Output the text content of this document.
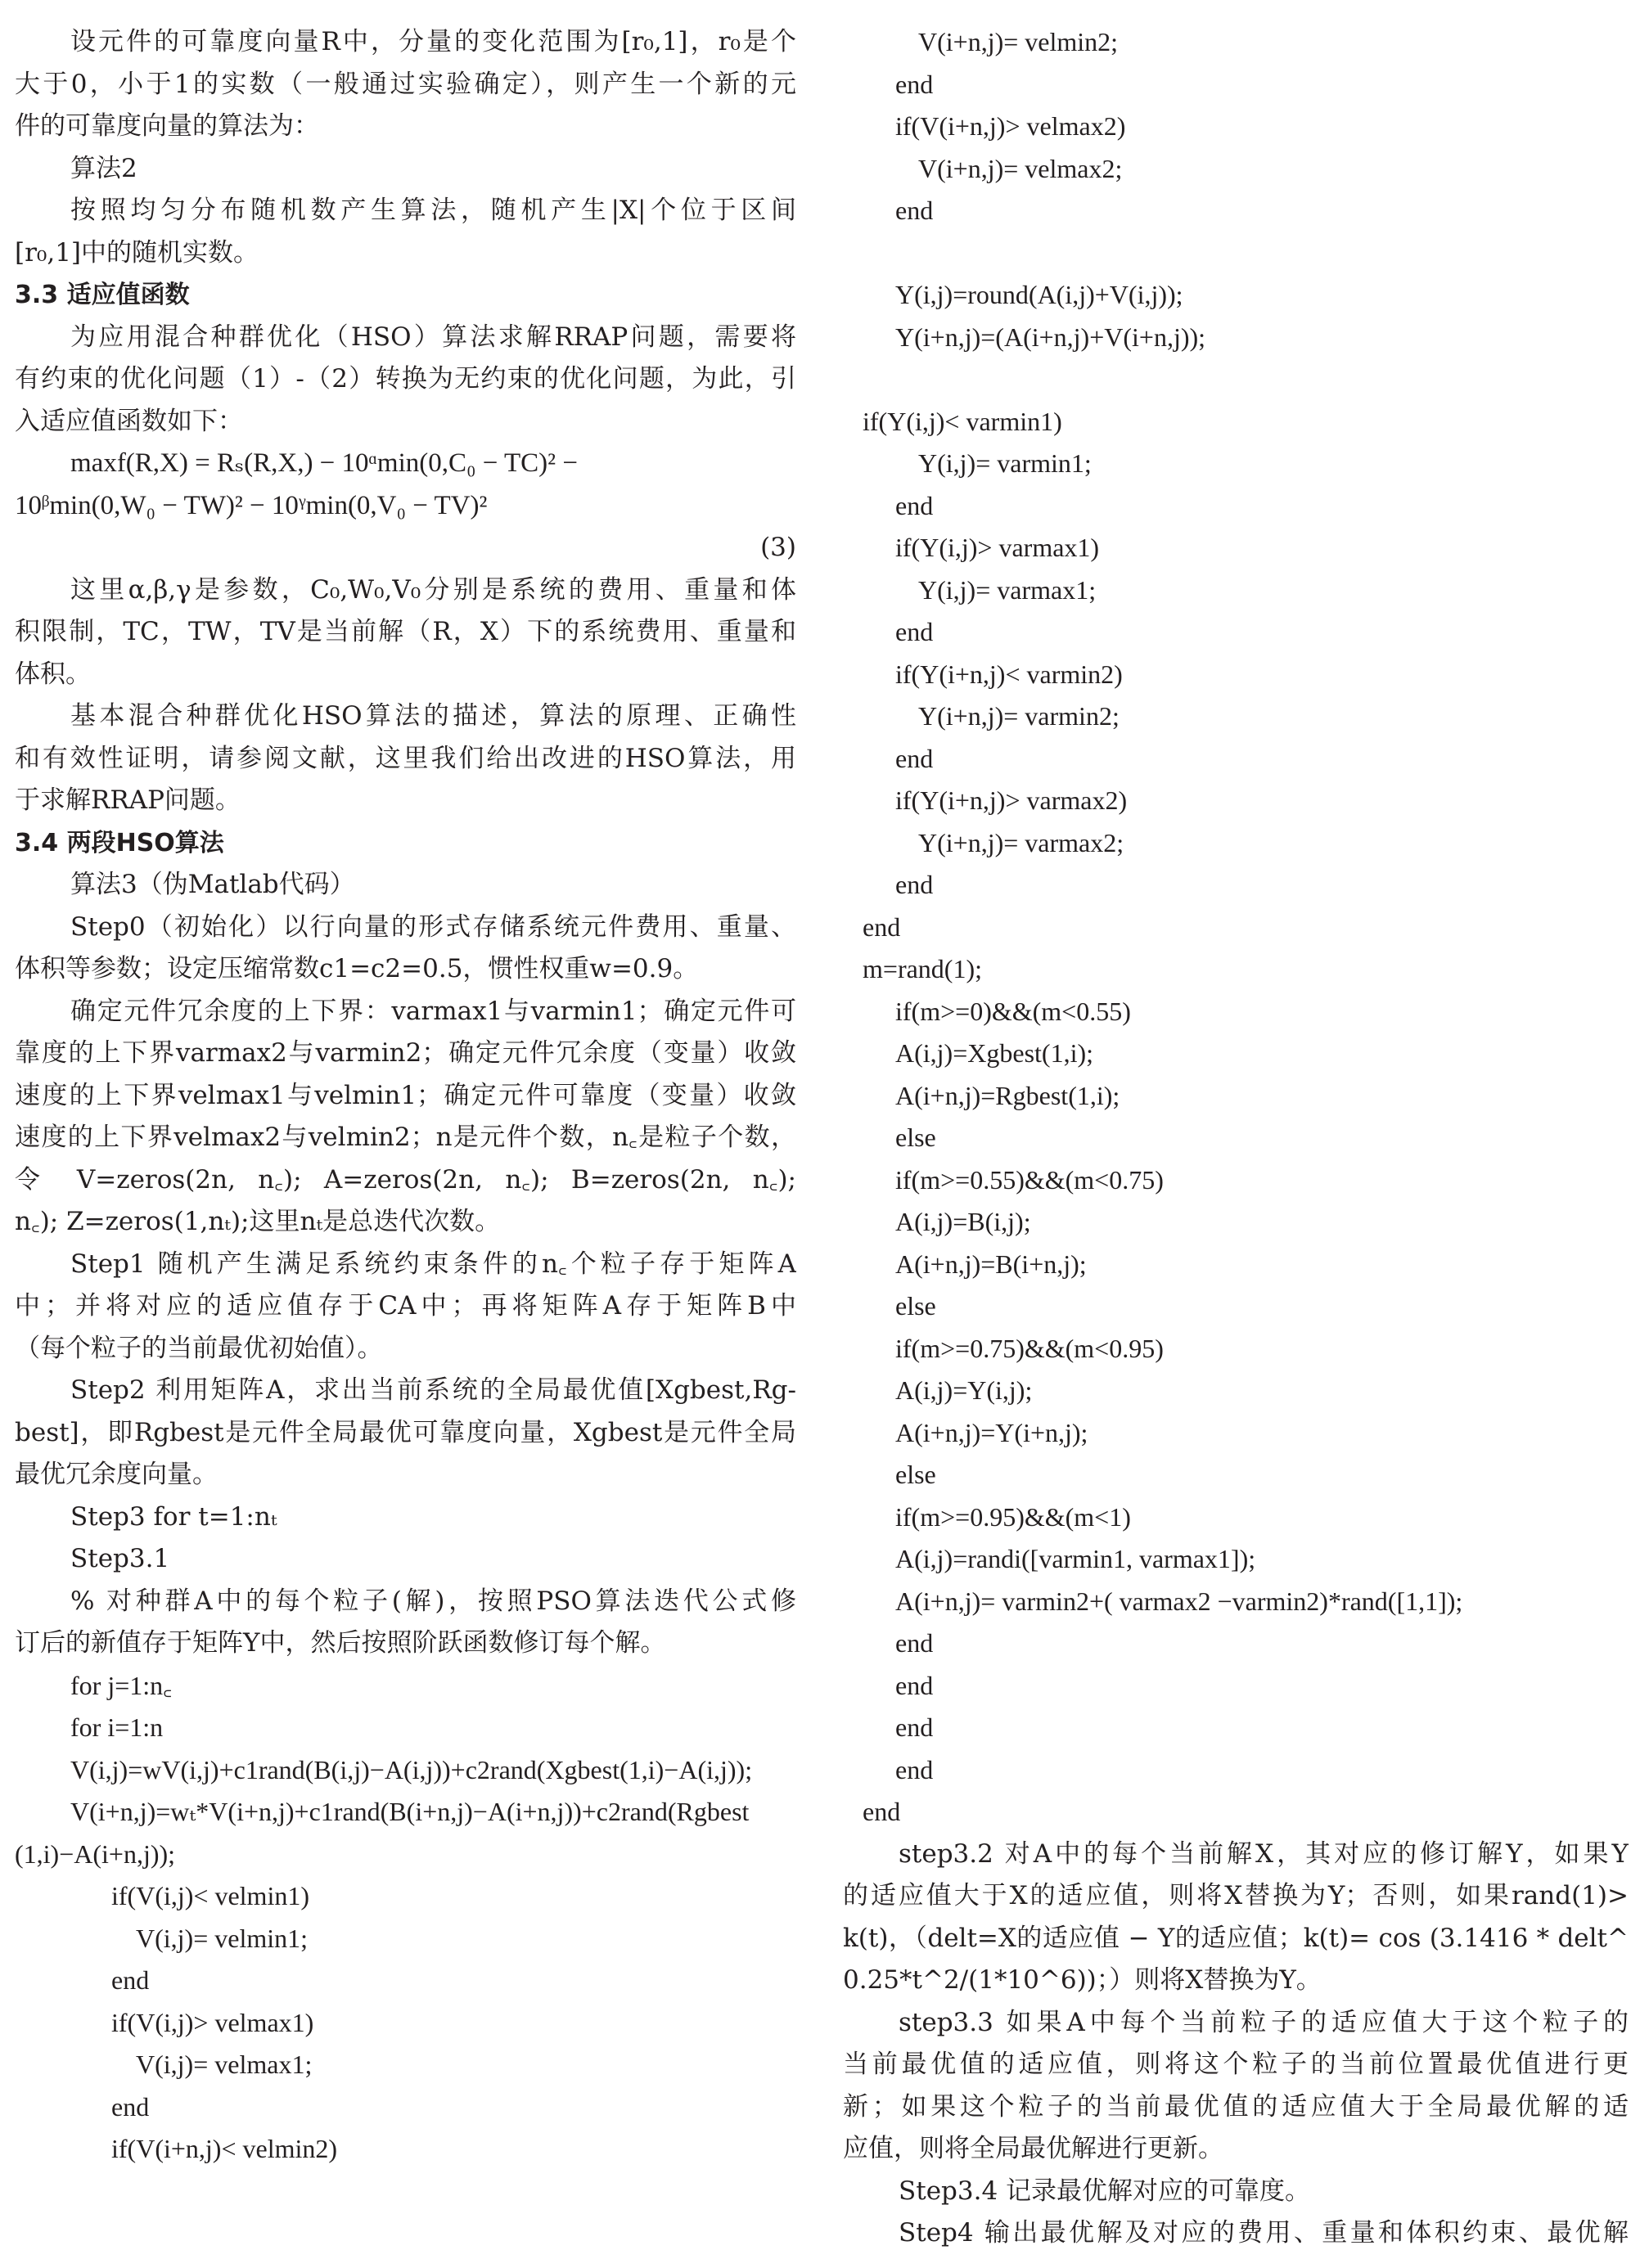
设元件的可靠度向量R中，分量的变化范围为[r₀,1]，r₀是个
大于0，小于1的实数（一般通过实验确定），则产生一个新的元
件的可靠度向量的算法为：
算法2
按照均匀分布随机数产生算法，随机产生|X|个位于区间
[r₀,1]中的随机实数。
3.3 适应值函数
为应用混合种群优化（HSO）算法求解RRAP问题，需要将
有约束的优化问题（1）-（2）转换为无约束的优化问题，为此，引
入适应值函数如下：
maxf(R,X) = Rₛ(R,X,) − 10ᵅmin(0,C₀ − TC)² −
10ᵝmin(0,W₀ − TW)² − 10ᵞmin(0,V₀ − TV)²
(3)
这里α,β,γ是参数，C₀,W₀,V₀分别是系统的费用、重量和体
积限制，TC，TW，TV是当前解（R，X）下的系统费用、重量和
体积。
基本混合种群优化HSO算法的描述，算法的原理、正确性
和有效性证明，请参阅文献，这里我们给出改进的HSO算法，用
于求解RRAP问题。
3.4 两段HSO算法
算法3（伪Matlab代码）
Step0（初始化）以行向量的形式存储系统元件费用、重量、
体积等参数；设定压缩常数c1=c2=0.5，惯性权重w=0.9。
确定元件冗余度的上下界：varmax1与varmin1；确定元件可
靠度的上下界varmax2与varmin2；确定元件冗余度（变量）收敛
速度的上下界velmax1与velmin1；确定元件可靠度（变量）收敛
速度的上下界velmax2与velmin2；n是元件个数，n꜀是粒子个数，
令 V=zeros(2n, n꜀); A=zeros(2n, n꜀); B=zeros(2n, n꜀);
n꜀); Z=zeros(1,nₜ);这里nₜ是总迭代次数。
Step1 随机产生满足系统约束条件的n꜀个粒子存于矩阵A
中；并将对应的适应值存于CA中；再将矩阵A存于矩阵B中
（每个粒子的当前最优初始值）。
Step2 利用矩阵A，求出当前系统的全局最优值[Xgbest,Rg-
best]，即Rgbest是元件全局最优可靠度向量，Xgbest是元件全局
最优冗余度向量。
Step3 for t=1:nₜ
Step3.1
% 对种群A中的每个粒子(解)，按照PSO算法迭代公式修
订后的新值存于矩阵Y中，然后按照阶跃函数修订每个解。
for j=1:n꜀
for i=1:n
V(i,j)=wV(i,j)+c1rand(B(i,j)−A(i,j))+c2rand(Xgbest(1,i)−A(i,j));
V(i+n,j)=wₜ*V(i+n,j)+c1rand(B(i+n,j)−A(i+n,j))+c2rand(Rgbest
(1,i)−A(i+n,j));
if(V(i,j)< velmin1)
V(i,j)= velmin1;
end
if(V(i,j)> velmax1)
V(i,j)= velmax1;
end
if(V(i+n,j)< velmin2)
V(i+n,j)= velmin2;
end
if(V(i+n,j)> velmax2)
V(i+n,j)= velmax2;
end

Y(i,j)=round(A(i,j)+V(i,j));
Y(i+n,j)=(A(i+n,j)+V(i+n,j));

if(Y(i,j)< varmin1)
Y(i,j)= varmin1;
end
if(Y(i,j)> varmax1)
Y(i,j)= varmax1;
end
if(Y(i+n,j)< varmin2)
Y(i+n,j)= varmin2;
end
if(Y(i+n,j)> varmax2)
Y(i+n,j)= varmax2;
end
end
m=rand(1);
if(m>=0)&&(m<0.55)
A(i,j)=Xgbest(1,i);
A(i+n,j)=Rgbest(1,i);
else
if(m>=0.55)&&(m<0.75)
A(i,j)=B(i,j);
A(i+n,j)=B(i+n,j);
else
if(m>=0.75)&&(m<0.95)
A(i,j)=Y(i,j);
A(i+n,j)=Y(i+n,j);
else
if(m>=0.95)&&(m<1)
A(i,j)=randi([varmin1, varmax1]);
A(i+n,j)= varmin2+( varmax2 −varmin2)*rand([1,1]);
end
end
end
end
end
step3.2 对A中的每个当前解X，其对应的修订解Y，如果Y
的适应值大于X的适应值，则将X替换为Y；否则，如果rand(1)>
k(t)，（delt=X的适应值 − Y的适应值；k(t)= cos (3.1416 * delt^
0.25*t^2/(1*10^6))；）则将X替换为Y。
step3.3 如果A中每个当前粒子的适应值大于这个粒子的
当前最优值的适应值，则将这个粒子的当前位置最优值进行更
新；如果这个粒子的当前最优值的适应值大于全局最优解的适
应值，则将全局最优解进行更新。
Step3.4 记录最优解对应的可靠度。
Step4 输出最优解及对应的费用、重量和体积约束、最优解
